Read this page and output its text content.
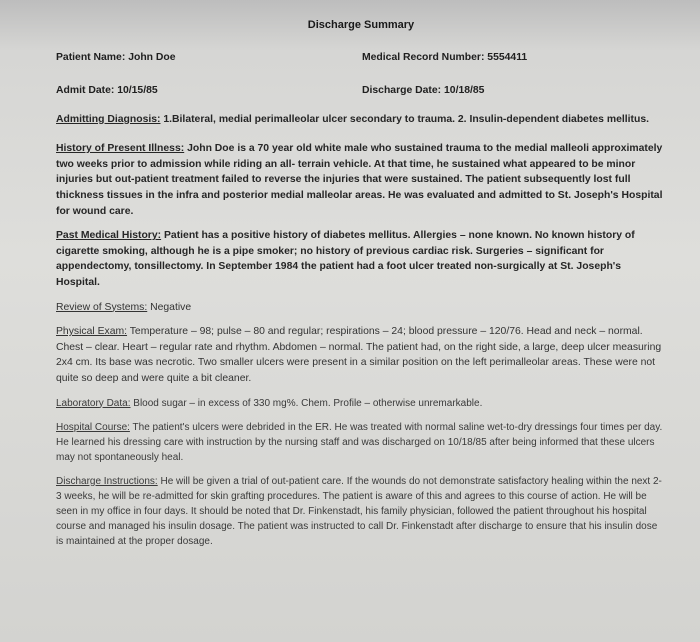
Discharge Summary
Patient Name: John Doe	Medical Record Number: 5554411
Admit Date: 10/15/85	Discharge Date: 10/18/85
Admitting Diagnosis: 1.Bilateral, medial perimalleolar ulcer secondary to trauma. 2. Insulin-dependent diabetes mellitus.
History of Present Illness: John Doe is a 70 year old white male who sustained trauma to the medial malleoli approximately two weeks prior to admission while riding an all- terrain vehicle. At that time, he sustained what appeared to be minor injuries but out-patient treatment failed to reverse the injuries that were sustained. The patient subsequently lost full thickness tissues in the infra and posterior medial malleolar areas. He was evaluated and admitted to St. Joseph's Hospital for wound care.
Past Medical History: Patient has a positive history of diabetes mellitus. Allergies – none known. No known history of cigarette smoking, although he is a pipe smoker; no history of previous cardiac risk. Surgeries – significant for appendectomy, tonsillectomy. In September 1984 the patient had a foot ulcer treated non-surgically at St. Joseph's Hospital.
Review of Systems: Negative
Physical Exam: Temperature – 98; pulse – 80 and regular; respirations – 24; blood pressure – 120/76. Head and neck – normal. Chest – clear. Heart – regular rate and rhythm. Abdomen – normal. The patient had, on the right side, a large, deep ulcer measuring 2x4 cm. Its base was necrotic. Two smaller ulcers were present in a similar position on the left perimalleolar areas. These were not quite so deep and were quite a bit cleaner.
Laboratory Data: Blood sugar – in excess of 330 mg%. Chem. Profile – otherwise unremarkable.
Hospital Course: The patient's ulcers were debrided in the ER. He was treated with normal saline wet-to-dry dressings four times per day. He learned his dressing care with instruction by the nursing staff and was discharged on 10/18/85 after being informed that these ulcers may not spontaneously heal.
Discharge Instructions: He will be given a trial of out-patient care. If the wounds do not demonstrate satisfactory healing within the next 2-3 weeks, he will be re-admitted for skin grafting procedures. The patient is aware of this and agrees to this course of action. He will be seen in my office in four days. It should be noted that Dr. Finkenstadt, his family physician, followed the patient throughout his hospital course and managed his insulin dosage. The patient was instructed to call Dr. Finkenstadt after discharge to ensure that his insulin dose is maintained at the proper dosage.
